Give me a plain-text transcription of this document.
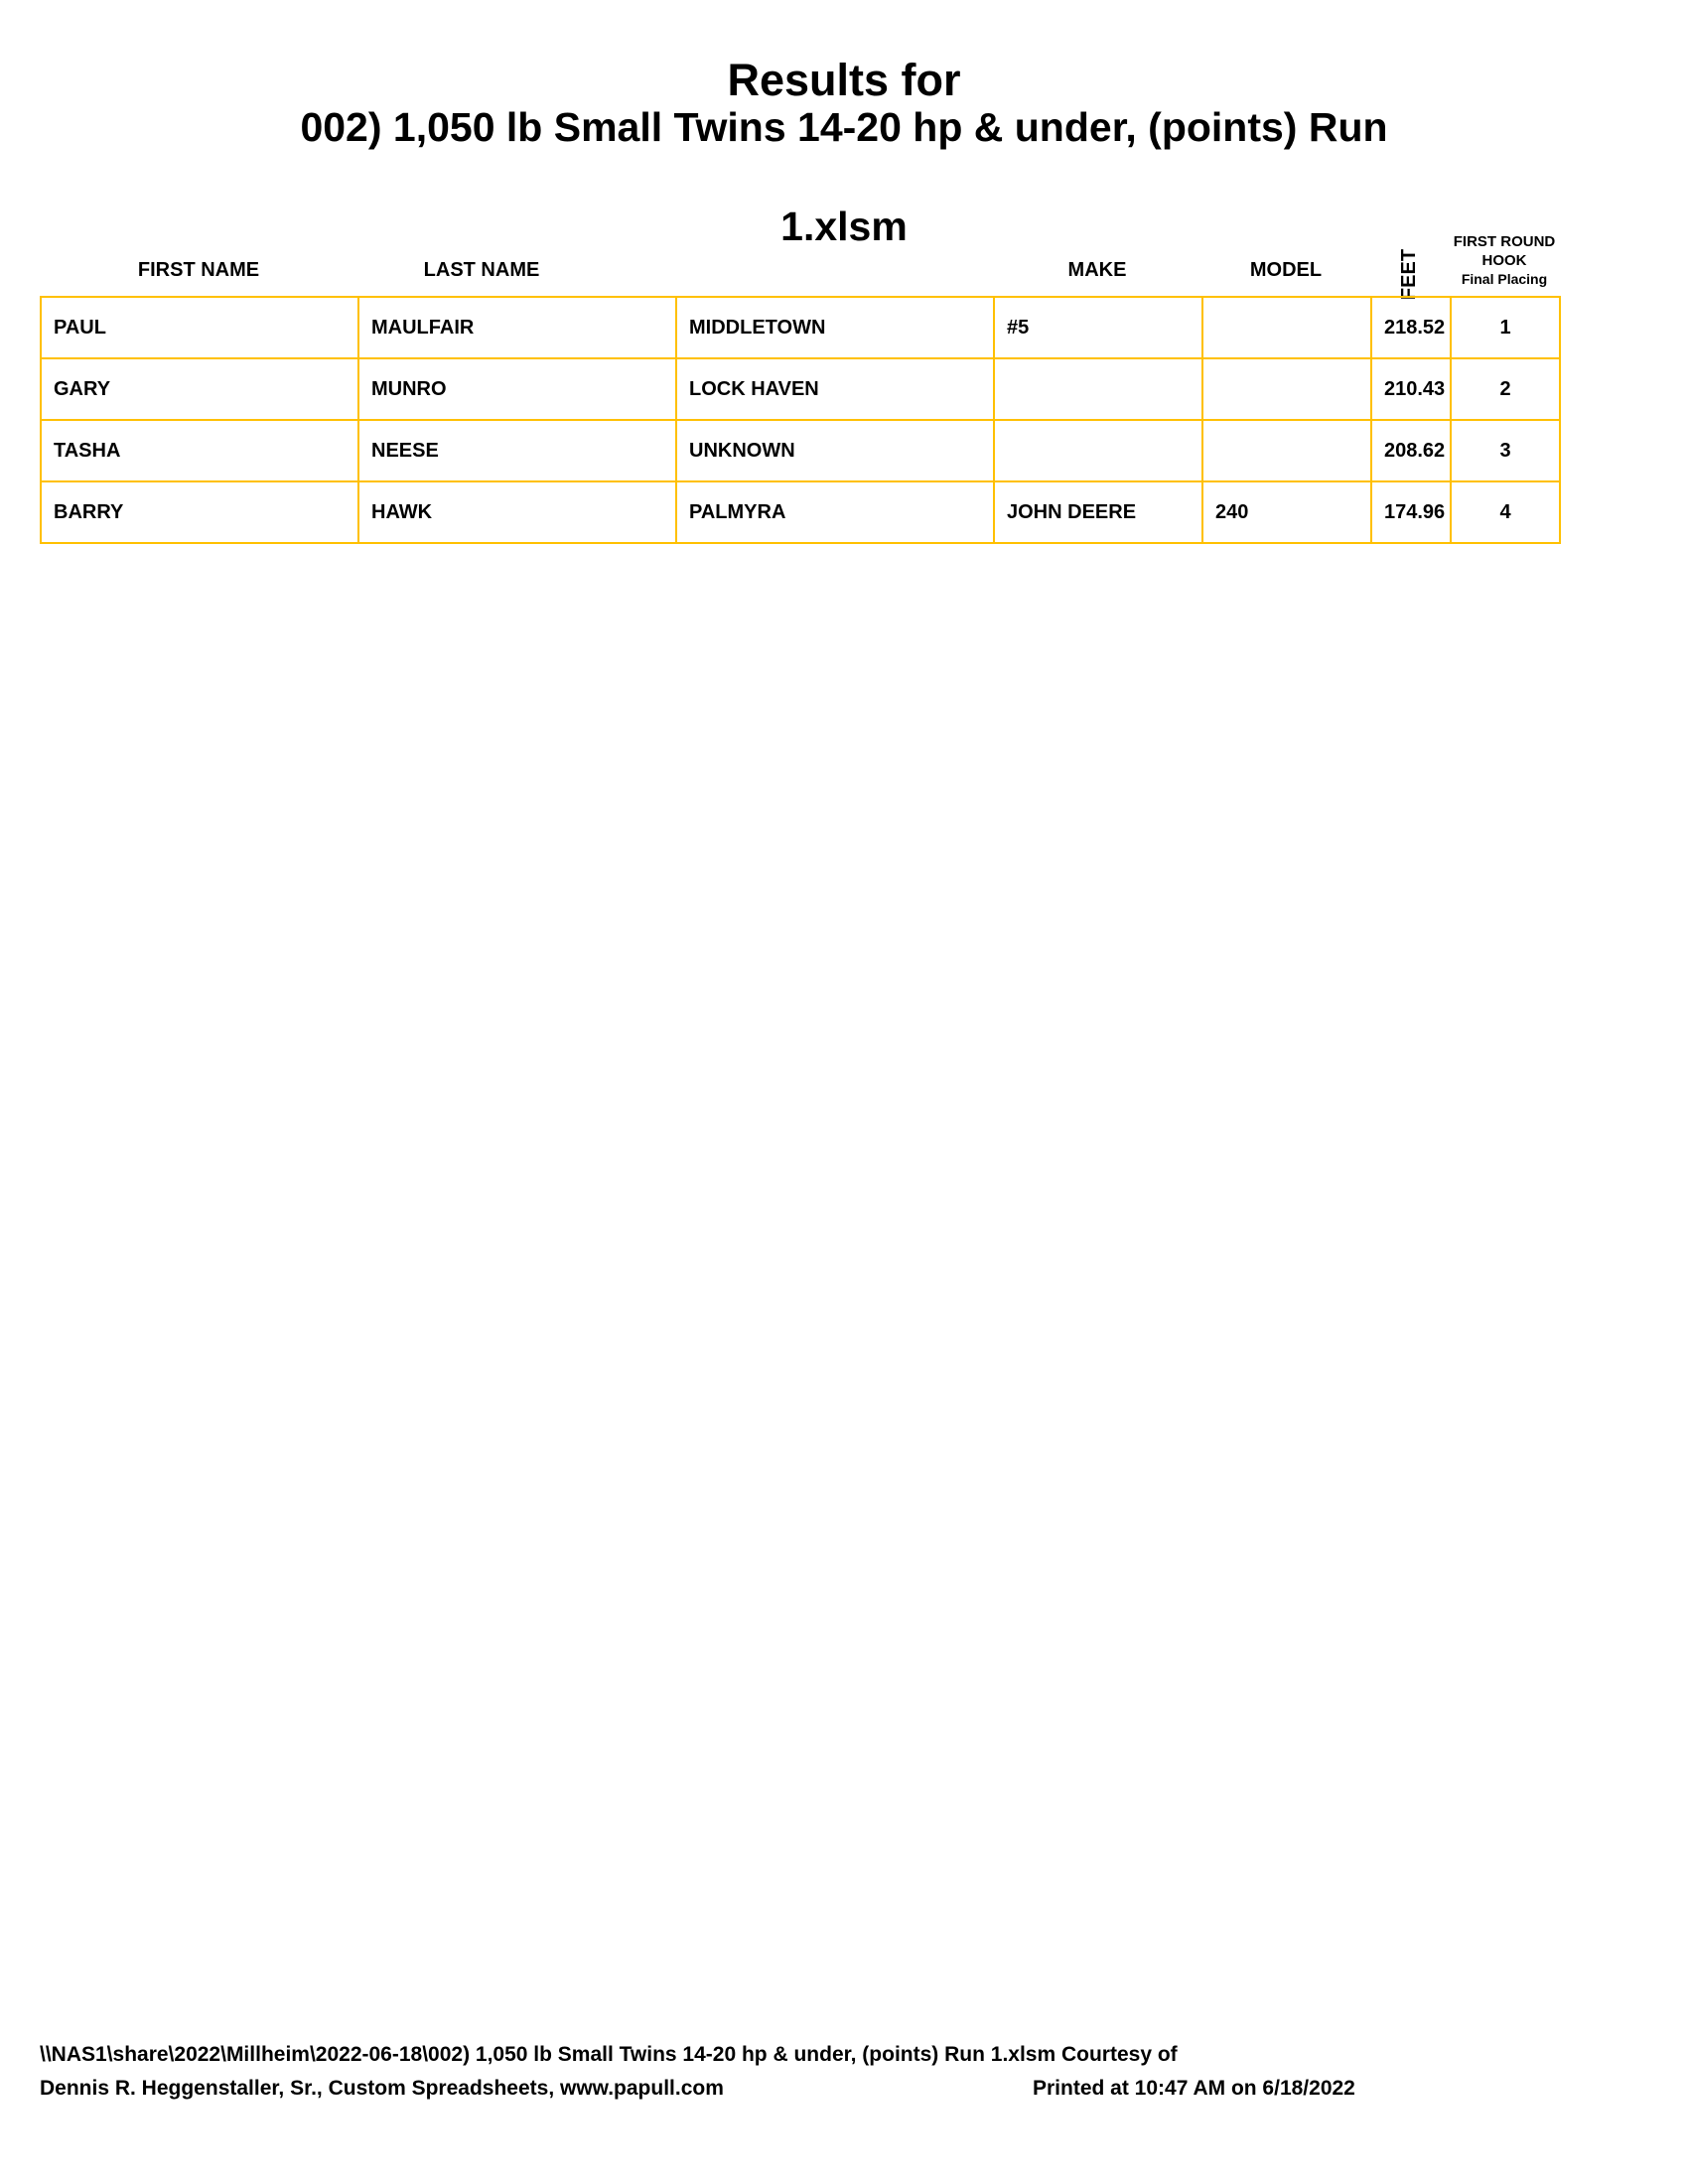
Results for
002) 1,050 lb Small Twins 14-20 hp & under, (points) Run
1.xlsm
FIRST NAME	LAST NAME	MAKE	MODEL	FEET
FIRST ROUND
HOOK
Final Placing
PAUL	MAULFAIR	MIDDLETOWN	#5		218.52	1
GARY	MUNRO	LOCK HAVEN			210.43	2
TASHA	NEESE	UNKNOWN			208.62	3
BARRY	HAWK	PALMYRA	JOHN DEERE	240	174.96	4
\\NAS1\share\2022\Millheim\2022-06-18\002) 1,050 lb Small Twins 14-20 hp & under, (points) Run 1.xlsm Courtesy of
Dennis R. Heggenstaller, Sr., Custom Spreadsheets, www.papull.com	Printed at 10:47 AM on 6/18/2022
